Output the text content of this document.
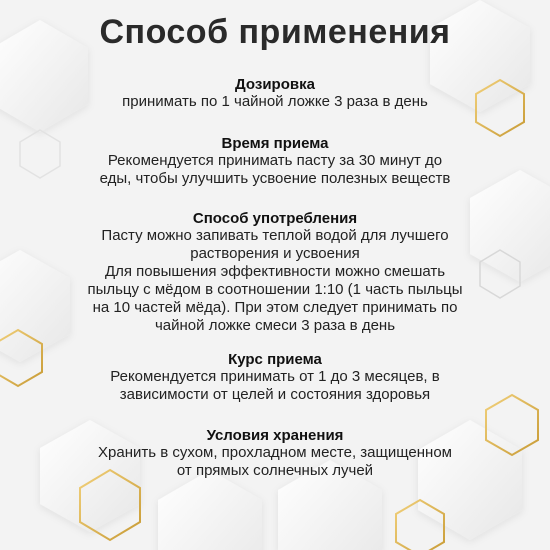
Способ применения

Дозировка

принимать по 1 чайной ложке 3 раза в день

Время приема

Рекомендуется принимать пасту за 30 минут до
еды, чтобы улучшить усвоение полезных веществ

Способ употребления

Пасту можно запивать теплой водой для лучшего
растворения и усвоения
Для повышения эффективности можно смешать
пыльцу с мёдом в соотношении 1:10 (1 часть пыльцы
на 10 частей мёда). При этом следует принимать по
чайной ложке смеси 3 раза в день

Курс приема

Рекомендуется принимать от 1 до 3 месяцев, в
зависимости от целей и состояния здоровья

Условия хранения

Хранить в сухом, прохладном месте, защищенном
от прямых солнечных лучей
